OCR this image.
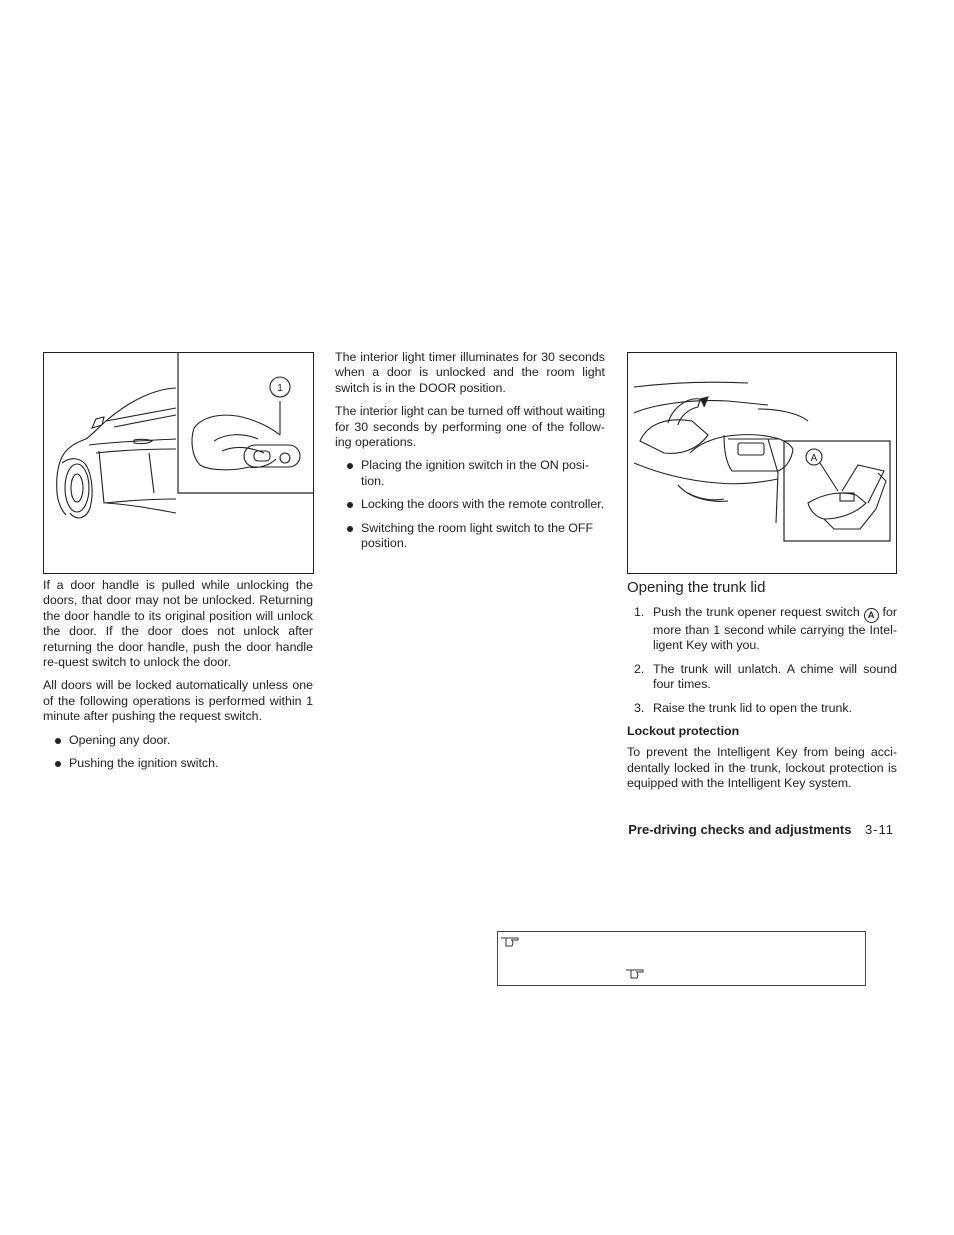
1
A

If a door handle is pulled while unlocking the doors, that door may not be unlocked. Returning the door handle to its original position will unlock the door. If the door does not unlock after returning the door handle, push the door handle re-quest switch to unlock the door.

All doors will be locked automatically unless one of the following operations is performed within 1 minute after pushing the request switch.

Opening any door.
Pushing the ignition switch.

The interior light timer illuminates for 30 seconds when a door is unlocked and the room light switch is in the DOOR position.

The interior light can be turned off without waiting for 30 seconds by performing one of the follow-ing operations.

Placing the ignition switch in the ON posi-tion.
Locking the doors with the remote controller.
Switching the room light switch to the OFF position.
Opening the trunk lid
1. Push the trunk opener request switch A for more than 1 second while carrying the Intel-ligent Key with you.
2. The trunk will unlatch. A chime will sound four times.
3. Raise the trunk lid to open the trunk.
Lockout protection

To prevent the Intelligent Key from being acci-dentally locked in the trunk, lockout protection is equipped with the Intelligent Key system.

Pre-driving checks and adjustments 3-11
